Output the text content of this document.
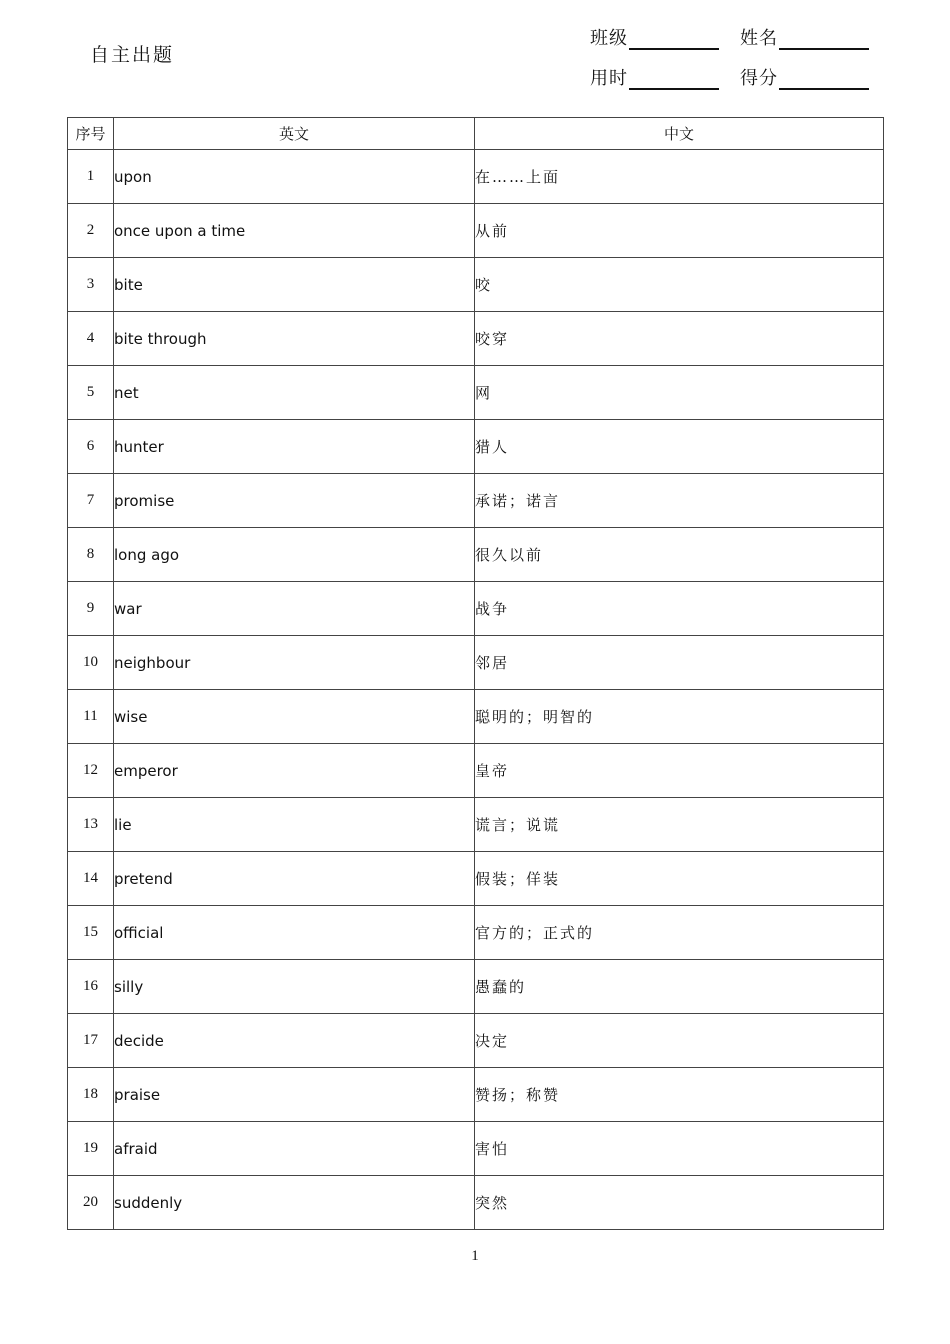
自主出题
班级	姓名
用时	得分
序号	英文	中文
1	upon	在……上面
2	once upon a time	从前
3	bite	咬
4	bite through	咬穿
5	net	网
6	hunter	猎人
7	promise	承诺；诺言
8	long ago	很久以前
9	war	战争
10	neighbour	邻居
11	wise	聪明的；明智的
12	emperor	皇帝
13	lie	谎言；说谎
14	pretend	假装；佯装
15	official	官方的；正式的
16	silly	愚蠢的
17	decide	决定
18	praise	赞扬；称赞
19	afraid	害怕
20	suddenly	突然
1
